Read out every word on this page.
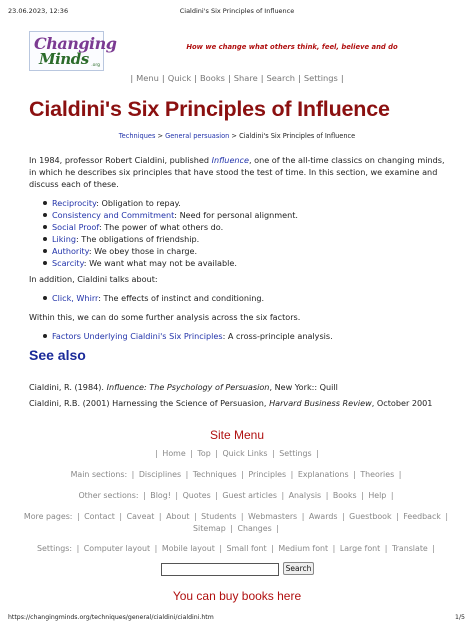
23.06.2023, 12:36	Cialdini's Six Principles of Influence
Changing
Minds .org
How we change what others think, feel, believe and do
| Menu | Quick | Books | Share | Search | Settings |
Cialdini's Six Principles of Influence
Techniques > General persuasion > Cialdini's Six Principles of Influence
In 1984, professor Robert Cialdini, published Influence, one of the all-time classics on changing minds, in which he describes six principles that have stood the test of time. In this section, we examine and discuss each of these.
Reciprocity: Obligation to repay.
Consistency and Commitment: Need for personal alignment.
Social Proof: The power of what others do.
Liking: The obligations of friendship.
Authority: We obey those in charge.
Scarcity: We want what may not be available.
In addition, Cialdini talks about:
Click, Whirr: The effects of instinct and conditioning.
Within this, we can do some further analysis across the six factors.
Factors Underlying Cialdini's Six Principles: A cross-principle analysis.
See also
Cialdini, R. (1984). Influence: The Psychology of Persuasion, New York:: Quill
Cialdini, R.B. (2001) Harnessing the Science of Persuasion, Harvard Business Review, October 2001
Site Menu
| Home | Top | Quick Links | Settings |
Main sections: | Disciplines | Techniques | Principles | Explanations | Theories |
Other sections: | Blog! | Quotes | Guest articles | Analysis | Books | Help |
More pages: | Contact | Caveat | About | Students | Webmasters | Awards | Guestbook | Feedback | Sitemap | Changes |
Settings: | Computer layout | Mobile layout | Small font | Medium font | Large font | Translate |
Search
You can buy books here
https://changingminds.org/techniques/general/cialdini/cialdini.htm	1/5
